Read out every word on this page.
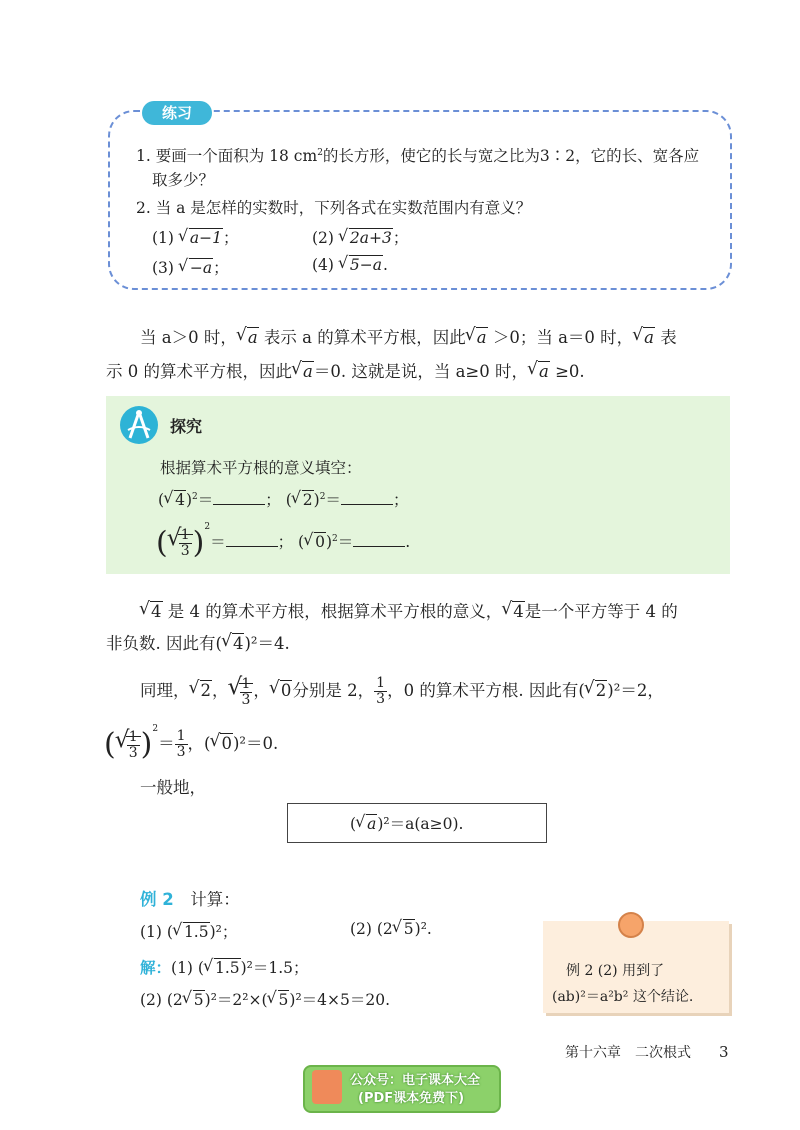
练习
1. 要画一个面积为 18 $cm^2$的长方形，使它的长与宽之比为3∶2，它的长、宽各应
取多少？
2. 当 a 是怎样的实数时，下列各式在实数范围内有意义？
(1) √ a−1；	(2) √ 2a+3；
(3) √ −a；	(4) √ 5−a.
当 a＞0 时， √ a 表示 a 的算术平方根，因此 √ a ＞0；当 a＝0 时， √ a 表
示 0 的算术平方根，因此 √ a＝0. 这就是说，当 a≥0 时， √ a ≥0.
探究
根据算术平方根的意义填空：
( √ 4)$^2$＝	； ( √ 2)$^2$＝	；
( √ $\frac{1}{3} )^2=$	； ( √ 0)$^2$＝	.
√ 4 是 4 的算术平方根，根据算术平方根的意义， √ 4是一个平方等于 4 的
非负数. 因此有( √ 4)²＝4.
同理， √ 2， √ $\frac{1}{3}$ ， √ 0分别是 2， $\frac{1}{3}$ ，0 的算术平方根. 因此有( √ 2)²＝2，
( √ $\frac{1}{3} )^2= \frac{1}{3}$ ，( √ 0)²＝0.
一般地，
( √ a)²＝a(a≥0).
例 2　 计算：
(1) ( √ 1.5)²；	(2) (2 √ 5)².
解：(1) ( √ 1.5)²＝1.5；
(2) (2 √ 5)²＝2²×( √ 5)²＝4×5＝20.
例 2 (2) 用到了
(ab)²＝a²b² 这个结论.
第十六章　二次根式　　 3
公众号：电子课本大全
(PDF课本免费下)
